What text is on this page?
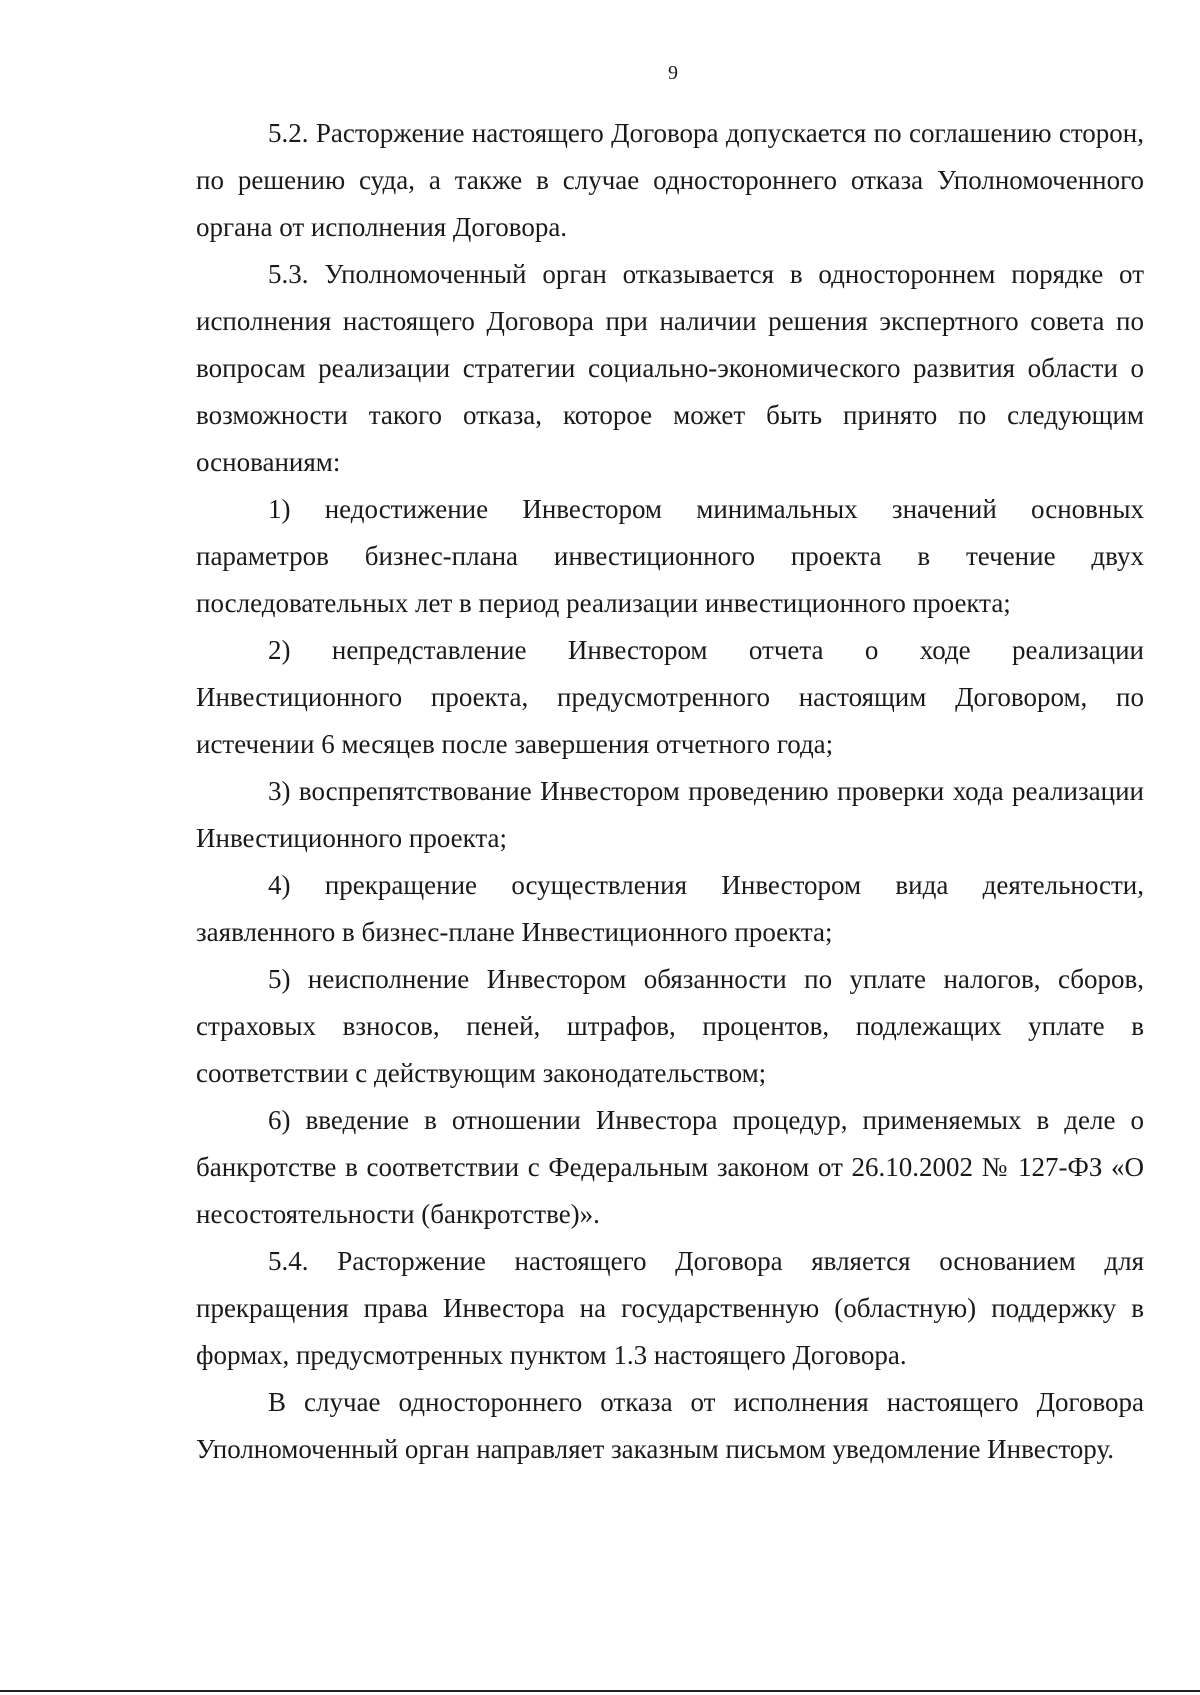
9

5.2. Расторжение настоящего Договора допускается по соглашению сторон, по решению суда, а также в случае одностороннего отказа Уполномоченного органа от исполнения Договора.

5.3. Уполномоченный орган отказывается в одностороннем порядке от исполнения настоящего Договора при наличии решения экспертного совета по вопросам реализации стратегии социально-экономического развития области о возможности такого отказа, которое может быть принято по следующим основаниям:

1) недостижение Инвестором минимальных значений основных параметров бизнес-плана инвестиционного проекта в течение двух последовательных лет в период реализации инвестиционного проекта;

2) непредставление Инвестором отчета о ходе реализации Инвестиционного проекта, предусмотренного настоящим Договором, по истечении 6 месяцев после завершения отчетного года;

3) воспрепятствование Инвестором проведению проверки хода реализации Инвестиционного проекта;

4) прекращение осуществления Инвестором вида деятельности, заявленного в бизнес-плане Инвестиционного проекта;

5) неисполнение Инвестором обязанности по уплате налогов, сборов, страховых взносов, пеней, штрафов, процентов, подлежащих уплате в соответствии с действующим законодательством;

6) введение в отношении Инвестора процедур, применяемых в деле о банкротстве в соответствии с Федеральным законом от 26.10.2002 № 127-ФЗ «О несостоятельности (банкротстве)».

5.4. Расторжение настоящего Договора является основанием для прекращения права Инвестора на государственную (областную) поддержку в формах, предусмотренных пунктом 1.3 настоящего Договора.

В случае одностороннего отказа от исполнения настоящего Договора Уполномоченный орган направляет заказным письмом уведомление Инвестору.
